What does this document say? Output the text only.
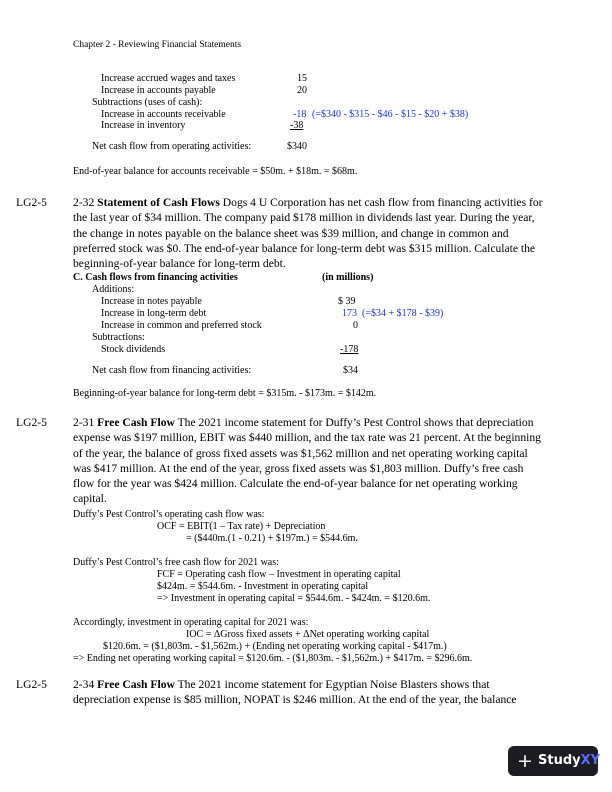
Chapter 2 - Reviewing Financial Statements
Increase accrued wages and taxes	15
Increase in accounts payable	20
Subtractions (uses of cash):
Increase in accounts receivable	-18 (=$340 - $315 - $46 - $15 - $20 + $38)
Increase in inventory	-38
Net cash flow from operating activities:	$340
End-of-year balance for accounts receivable = $50m. + $18m. = $68m.
LG2-5 2-32 Statement of Cash Flows Dogs 4 U Corporation has net cash flow from financing activities for the last year of $34 million. The company paid $178 million in dividends last year. During the year, the change in notes payable on the balance sheet was $39 million, and change in common and preferred stock was $0. The end-of-year balance for long-term debt was $315 million. Calculate the beginning-of-year balance for long-term debt.
C. Cash flows from financing activities	(in millions)
Additions:
Increase in notes payable	$ 39
Increase in long-term debt	173 (=$34 + $178 - $39)
Increase in common and preferred stock	0
Subtractions:
Stock dividends	-178
Net cash flow from financing activities:	$34
Beginning-of-year balance for long-term debt = $315m. - $173m. = $142m.
LG2-5 2-31 Free Cash Flow The 2021 income statement for Duffy’s Pest Control shows that depreciation expense was $197 million, EBIT was $440 million, and the tax rate was 21 percent. At the beginning of the year, the balance of gross fixed assets was $1,562 million and net operating working capital was $417 million. At the end of the year, gross fixed assets was $1,803 million. Duffy’s free cash flow for the year was $424 million. Calculate the end-of-year balance for net operating working capital.
Duffy’s Pest Control’s operating cash flow was:
OCF = EBIT(1 – Tax rate) + Depreciation
= ($440m.(1 - 0.21) + $197m.) = $544.6m.
Duffy’s Pest Control’s free cash flow for 2021 was:
FCF = Operating cash flow – Investment in operating capital
$424m. = $544.6m. - Investment in operating capital
=> Investment in operating capital = $544.6m. - $424m. = $120.6m.
Accordingly, investment in operating capital for 2021 was:
IOC = ΔGross fixed assets + ΔNet operating working capital
$120.6m. = ($1,803m. - $1,562m.) + (Ending net operating working capital - $417m.)
=> Ending net operating working capital = $120.6m. - ($1,803m. - $1,562m.) + $417m. = $296.6m.
LG2-5 2-34 Free Cash Flow The 2021 income statement for Egyptian Noise Blasters shows that depreciation expense is $85 million, NOPAT is $246 million. At the end of the year, the balance
+ StudyXY
